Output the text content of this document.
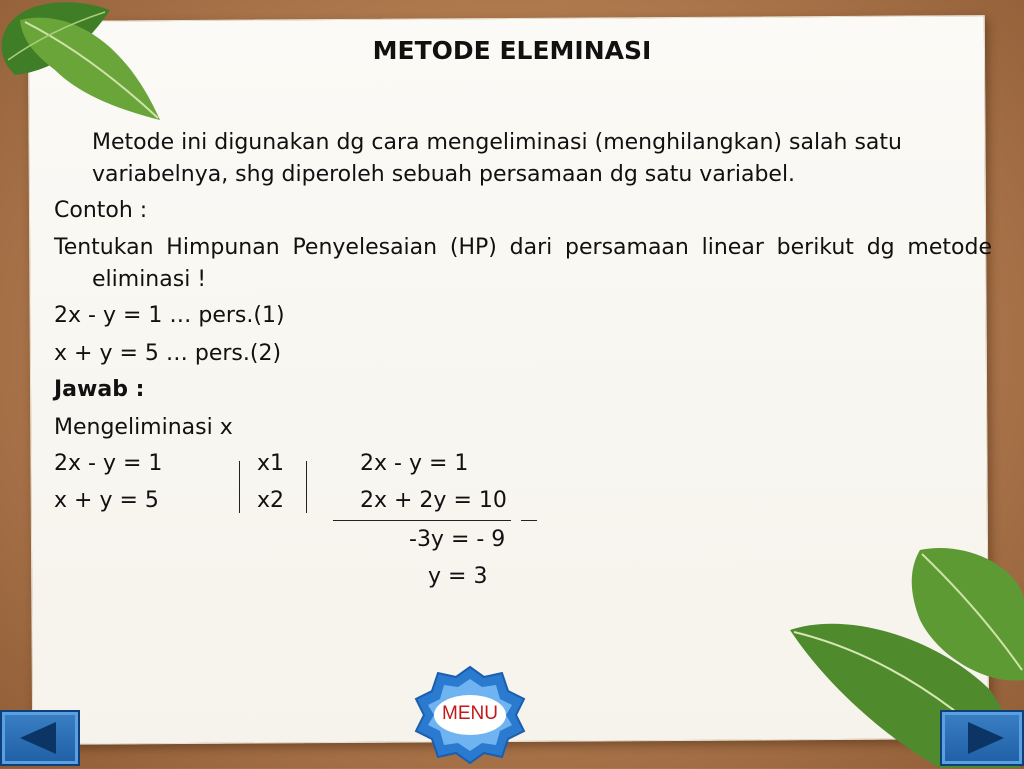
METODE ELEMINASI
Metode ini digunakan dg cara mengeliminasi (menghilangkan) salah satu variabelnya, shg diperoleh sebuah persamaan dg satu variabel.
Contoh :
Tentukan Himpunan Penyelesaian (HP) dari persamaan linear berikut dg metode eliminasi !
2x - y = 1 … pers.(1)
x + y = 5 … pers.(2)
Jawab :
Mengeliminasi x
2x - y = 1
x + y = 5
x1
x2
2x - y = 1
2x + 2y = 10
-3y = - 9
y = 3
MENU
